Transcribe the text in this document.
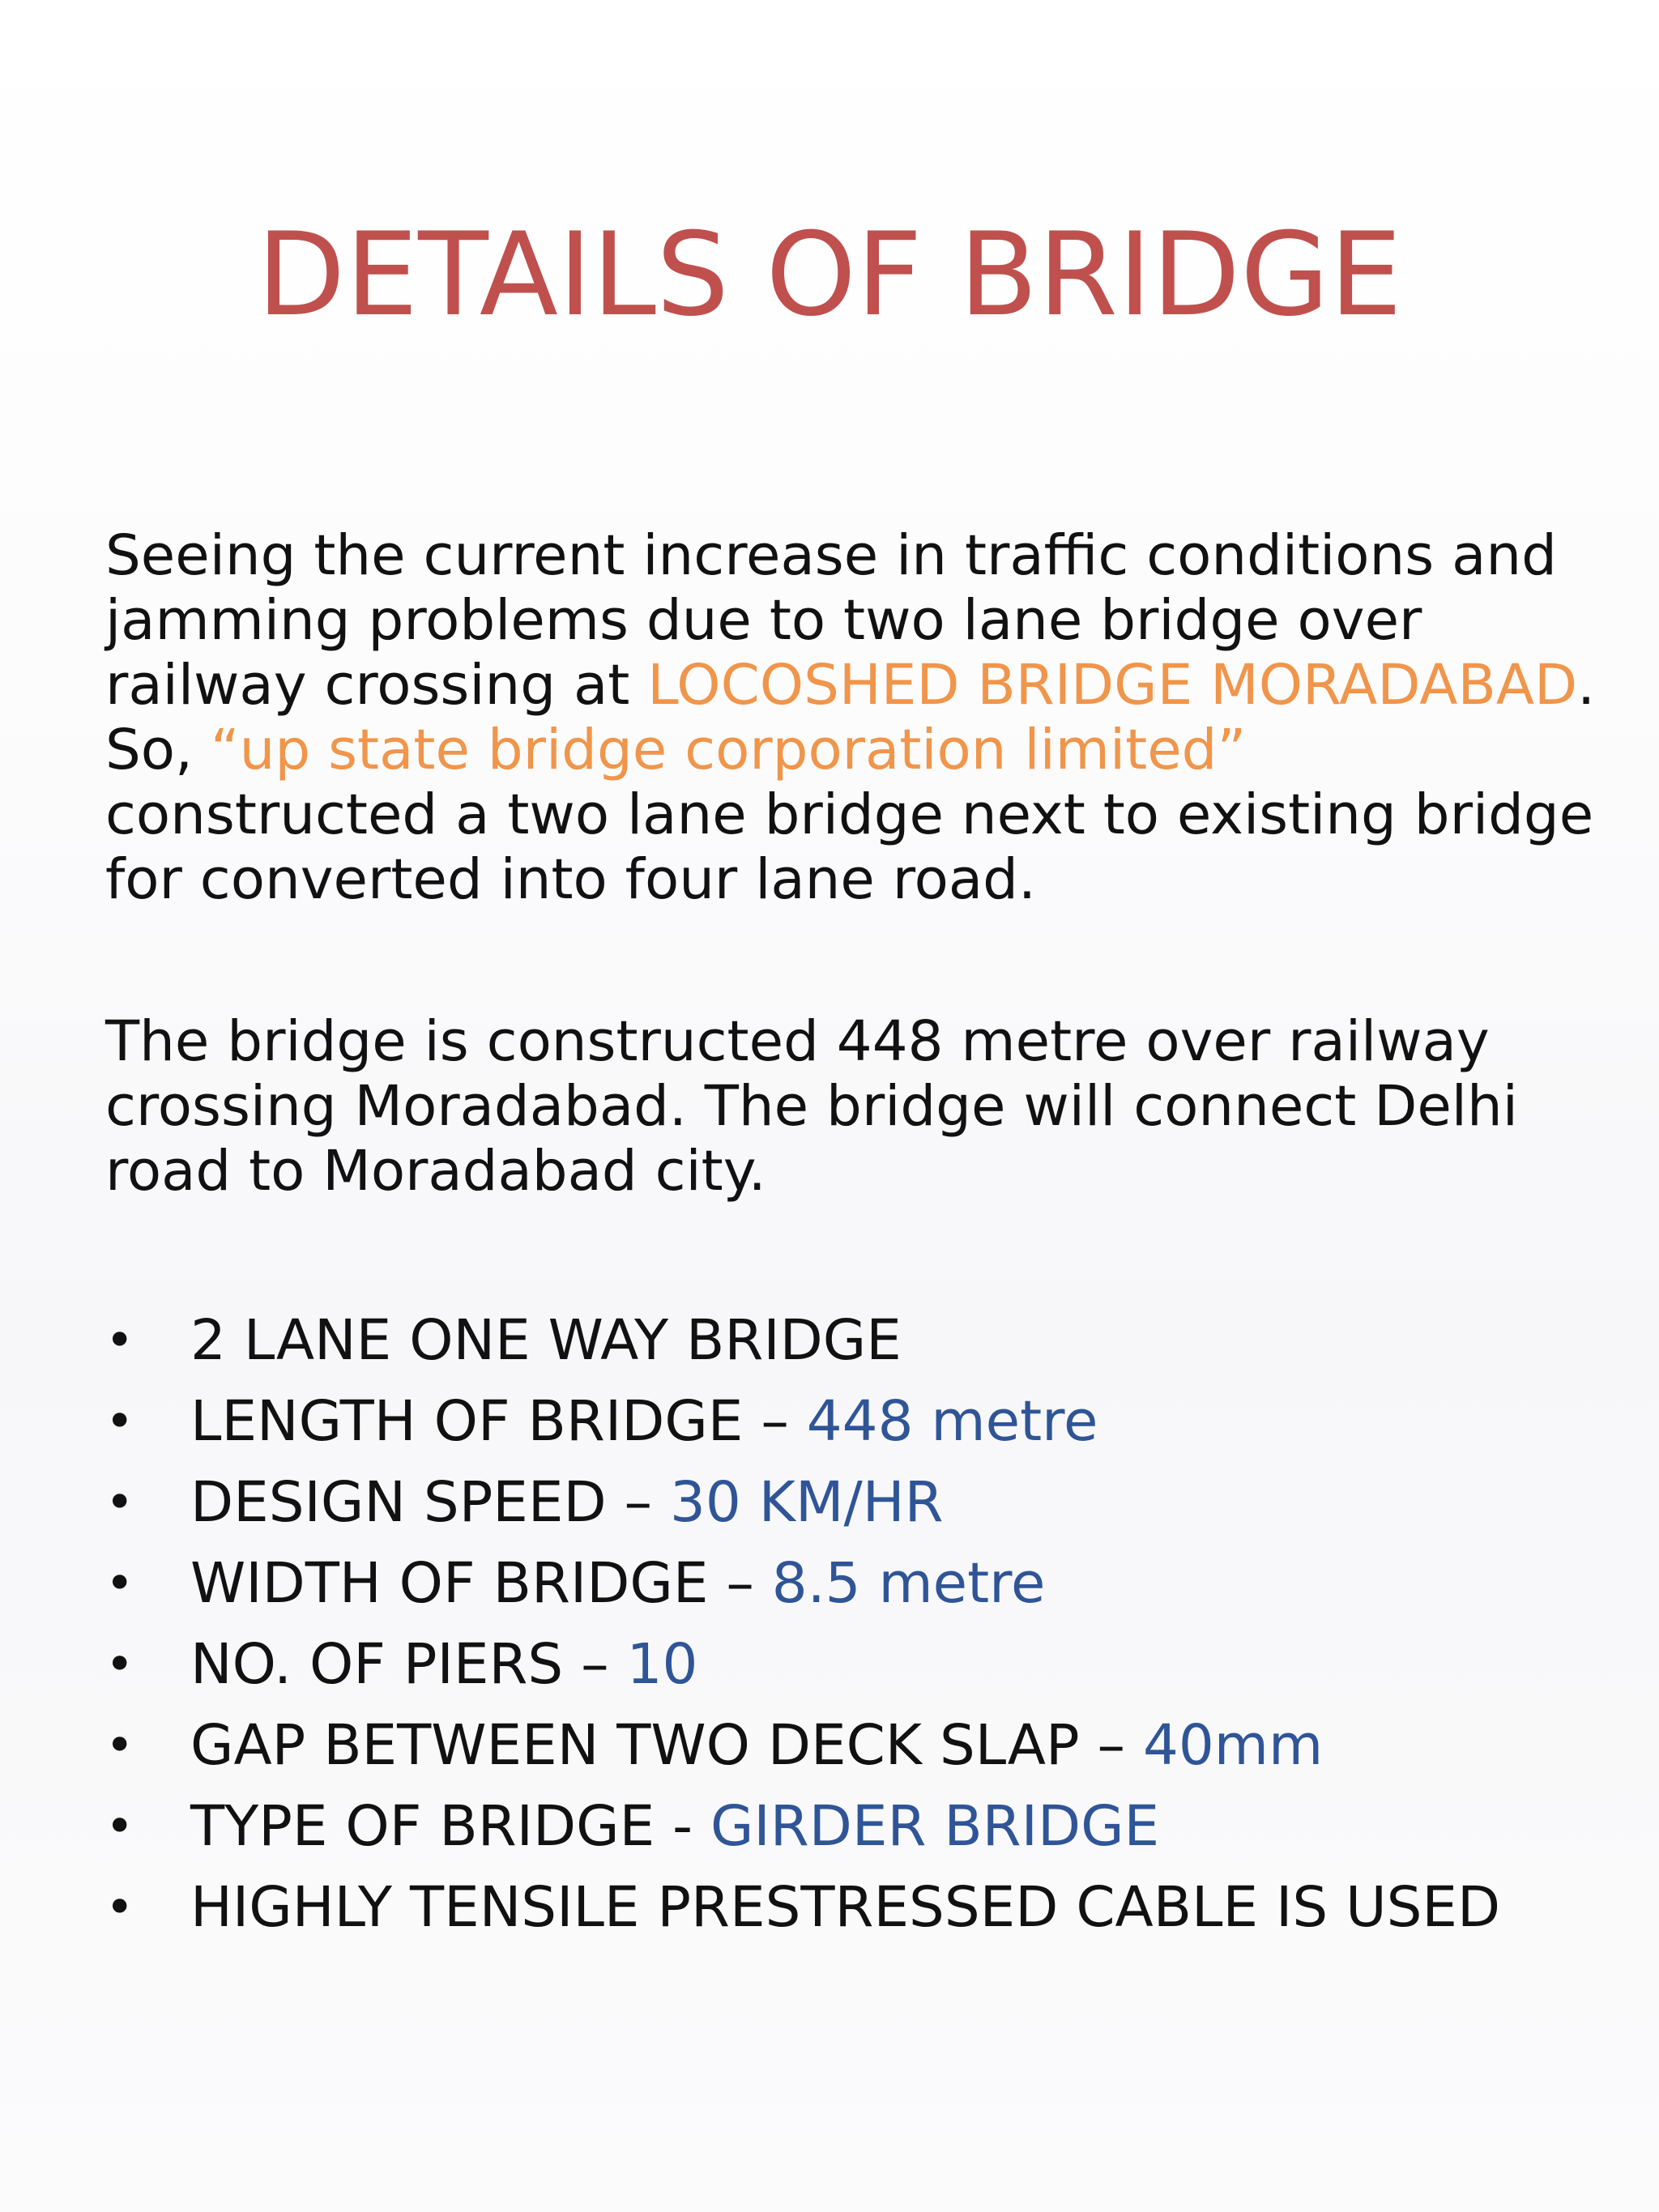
DETAILS OF BRIDGE

Seeing the current increase in traffic conditions and
jamming problems due to two lane bridge over
railway crossing at LOCOSHED BRIDGE MORADABAD.
So, “up state bridge corporation limited”
constructed a two lane bridge next to existing bridge
for converted into four lane road.

The bridge is constructed 448 metre over railway
crossing Moradabad. The bridge will connect Delhi
road to Moradabad city.

• 2 LANE ONE WAY BRIDGE
• LENGTH OF BRIDGE – 448 metre
• DESIGN SPEED – 30 KM/HR
• WIDTH OF BRIDGE – 8.5 metre
• NO. OF PIERS – 10
• GAP BETWEEN TWO DECK SLAP – 40mm
• TYPE OF BRIDGE - GIRDER BRIDGE
• HIGHLY TENSILE PRESTRESSED CABLE IS USED
